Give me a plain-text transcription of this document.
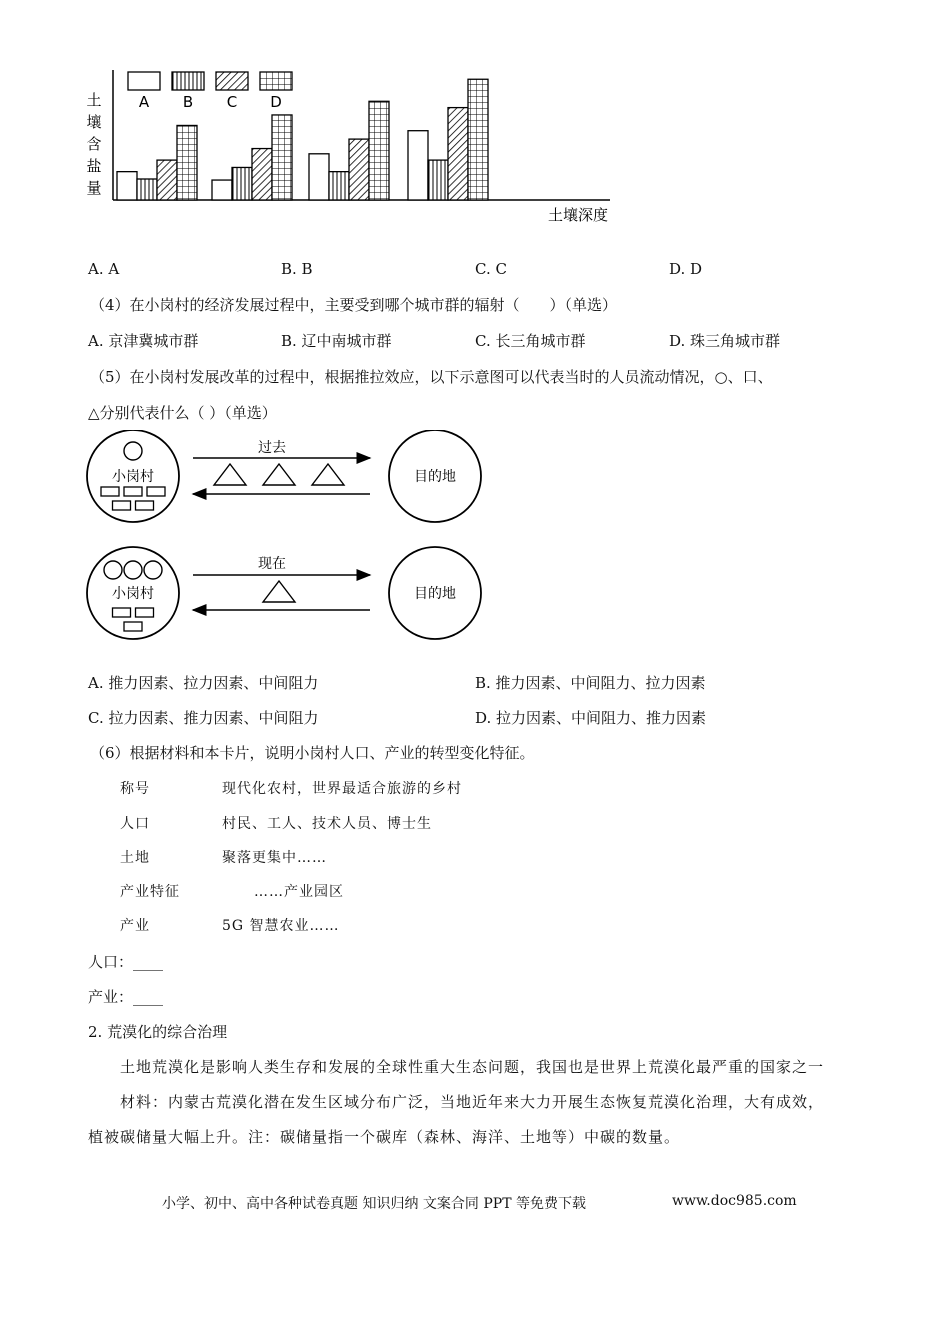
土
壤
含
盐
量
土壤深度
A B C D
A. A	B. B	C. C	D. D
（4）在小岗村的经济发展过程中，主要受到哪个城市群的辐射（　　）（单选）
A. 京津冀城市群	B. 辽中南城市群	C. 长三角城市群	D. 珠三角城市群
（5）在小岗村发展改革的过程中，根据推拉效应，以下示意图可以代表当时的人员流动情况，○、口、
△分别代表什么（ ）（单选）
小岗村
过去
目的地
小岗村
现在
目的地
A. 推力因素、拉力因素、中间阻力	B. 推力因素、中间阻力、拉力因素
C. 拉力因素、推力因素、中间阻力	D. 拉力因素、中间阻力、推力因素
（6）根据材料和本卡片，说明小岗村人口、产业的转型变化特征。
称号	现代化农村，世界最适合旅游的乡村
人口	村民、工人、技术人员、博士生
土地	聚落更集中……
产业特征	……产业园区
产业	5G 智慧农业……
人口：____
产业：____
2. 荒漠化的综合治理
土地荒漠化是影响人类生存和发展的全球性重大生态问题，我国也是世界上荒漠化最严重的国家之一
材料：内蒙古荒漠化潜在发生区域分布广泛，当地近年来大力开展生态恢复荒漠化治理，大有成效，
植被碳储量大幅上升。注：碳储量指一个碳库（森林、海洋、土地等）中碳的数量。
小学、初中、高中各种试卷真题 知识归纳 文案合同 PPT 等免费下载	www.doc985.com
